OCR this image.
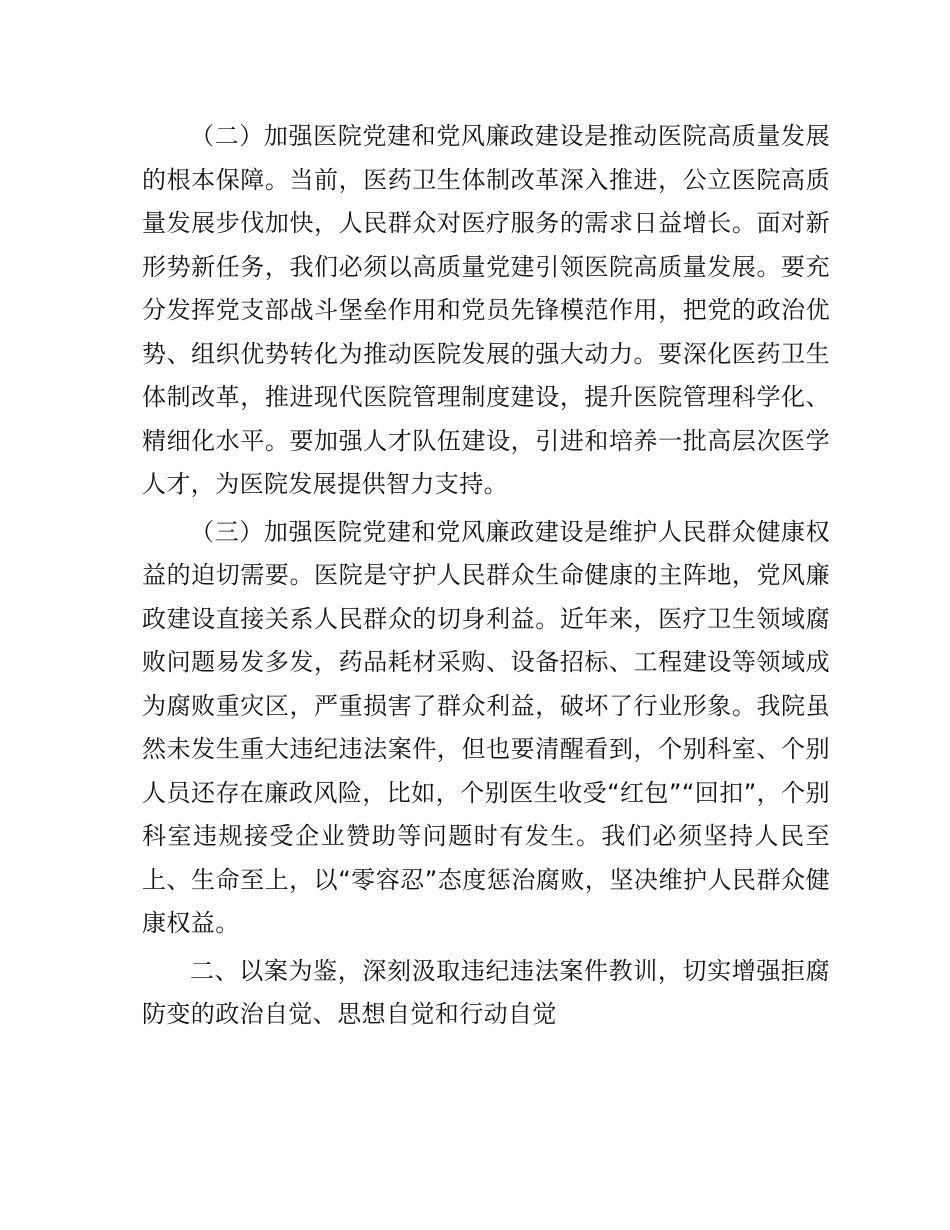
（二）加强医院党建和党风廉政建设是推动医院高质量发展的根本保障。当前，医药卫生体制改革深入推进，公立医院高质量发展步伐加快，人民群众对医疗服务的需求日益增长。面对新形势新任务，我们必须以高质量党建引领医院高质量发展。要充分发挥党支部战斗堡垒作用和党员先锋模范作用，把党的政治优势、组织优势转化为推动医院发展的强大动力。要深化医药卫生体制改革，推进现代医院管理制度建设，提升医院管理科学化、精细化水平。要加强人才队伍建设，引进和培养一批高层次医学人才，为医院发展提供智力支持。

（三）加强医院党建和党风廉政建设是维护人民群众健康权益的迫切需要。医院是守护人民群众生命健康的主阵地，党风廉政建设直接关系人民群众的切身利益。近年来，医疗卫生领域腐败问题易发多发，药品耗材采购、设备招标、工程建设等领域成为腐败重灾区，严重损害了群众利益，破坏了行业形象。我院虽然未发生重大违纪违法案件，但也要清醒看到，个别科室、个别人员还存在廉政风险，比如，个别医生收受“红包”“回扣”，个别科室违规接受企业赞助等问题时有发生。我们必须坚持人民至上、生命至上，以“零容忍”态度惩治腐败，坚决维护人民群众健康权益。

二、以案为鉴，深刻汲取违纪违法案件教训，切实增强拒腐防变的政治自觉、思想自觉和行动自觉
